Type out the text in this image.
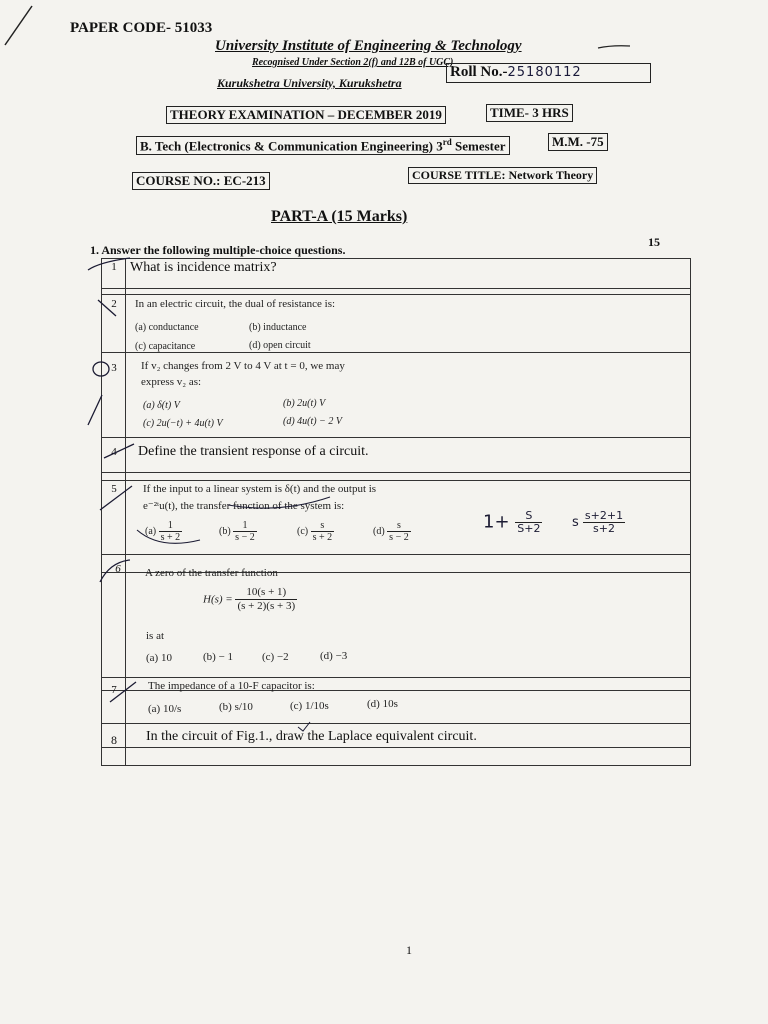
PAPER CODE- 51033
University Institute of Engineering & Technology
Recognised Under Section 2(f) and 12B of UGC)
Kurukshetra University, Kurukshetra
Roll No.-25180112
THEORY EXAMINATION – DECEMBER 2019	TIME- 3 HRS
B. Tech (Electronics & Communication Engineering) 3rd Semester	M.M. -75
COURSE NO.: EC-213	COURSE TITLE: Network Theory
PART-A (15 Marks)
15
1. Answer the following multiple-choice questions.
1 What is incidence matrix?
2	In an electric circuit, the dual of resistance is:
(a) conductance	(b) inductance
(c) capacitance	(d) open circuit
3	If v₂ changes from 2 V to 4 V at t = 0, we may
express v₂ as:
(a) δ(t) V	(b) 2u(t) V
(c) 2u(−t) + 4u(t) V	(d) 4u(t) − 2 V
4	Define the transient response of a circuit.
5	If the input to a linear system is δ(t) and the output is
e⁻²ᵗu(t), the transfer function of the system is:
$(a) \frac{1}{s + 2}$	$(b) \frac{1}{s - 2}$	$(c) \frac{s}{s + 2}$	$(d) \frac{s}{s - 2}$
6	A zero of the transfer function
$H(s) = \frac{10(s + 1)}{(s + 2)(s + 3)}$
is at
(a) 10	(b) − 1	(c) −2	(d) −3
7	The impedance of a 10-F capacitor is:
(a) 10/s	(b) s/10	(c) 1/10s	(d) 10s
8	In the circuit of Fig.1., draw the Laplace equivalent circuit.
$1+ \frac{S}{S+2}$ s $\frac{s+2+1}{s+2}$
1
